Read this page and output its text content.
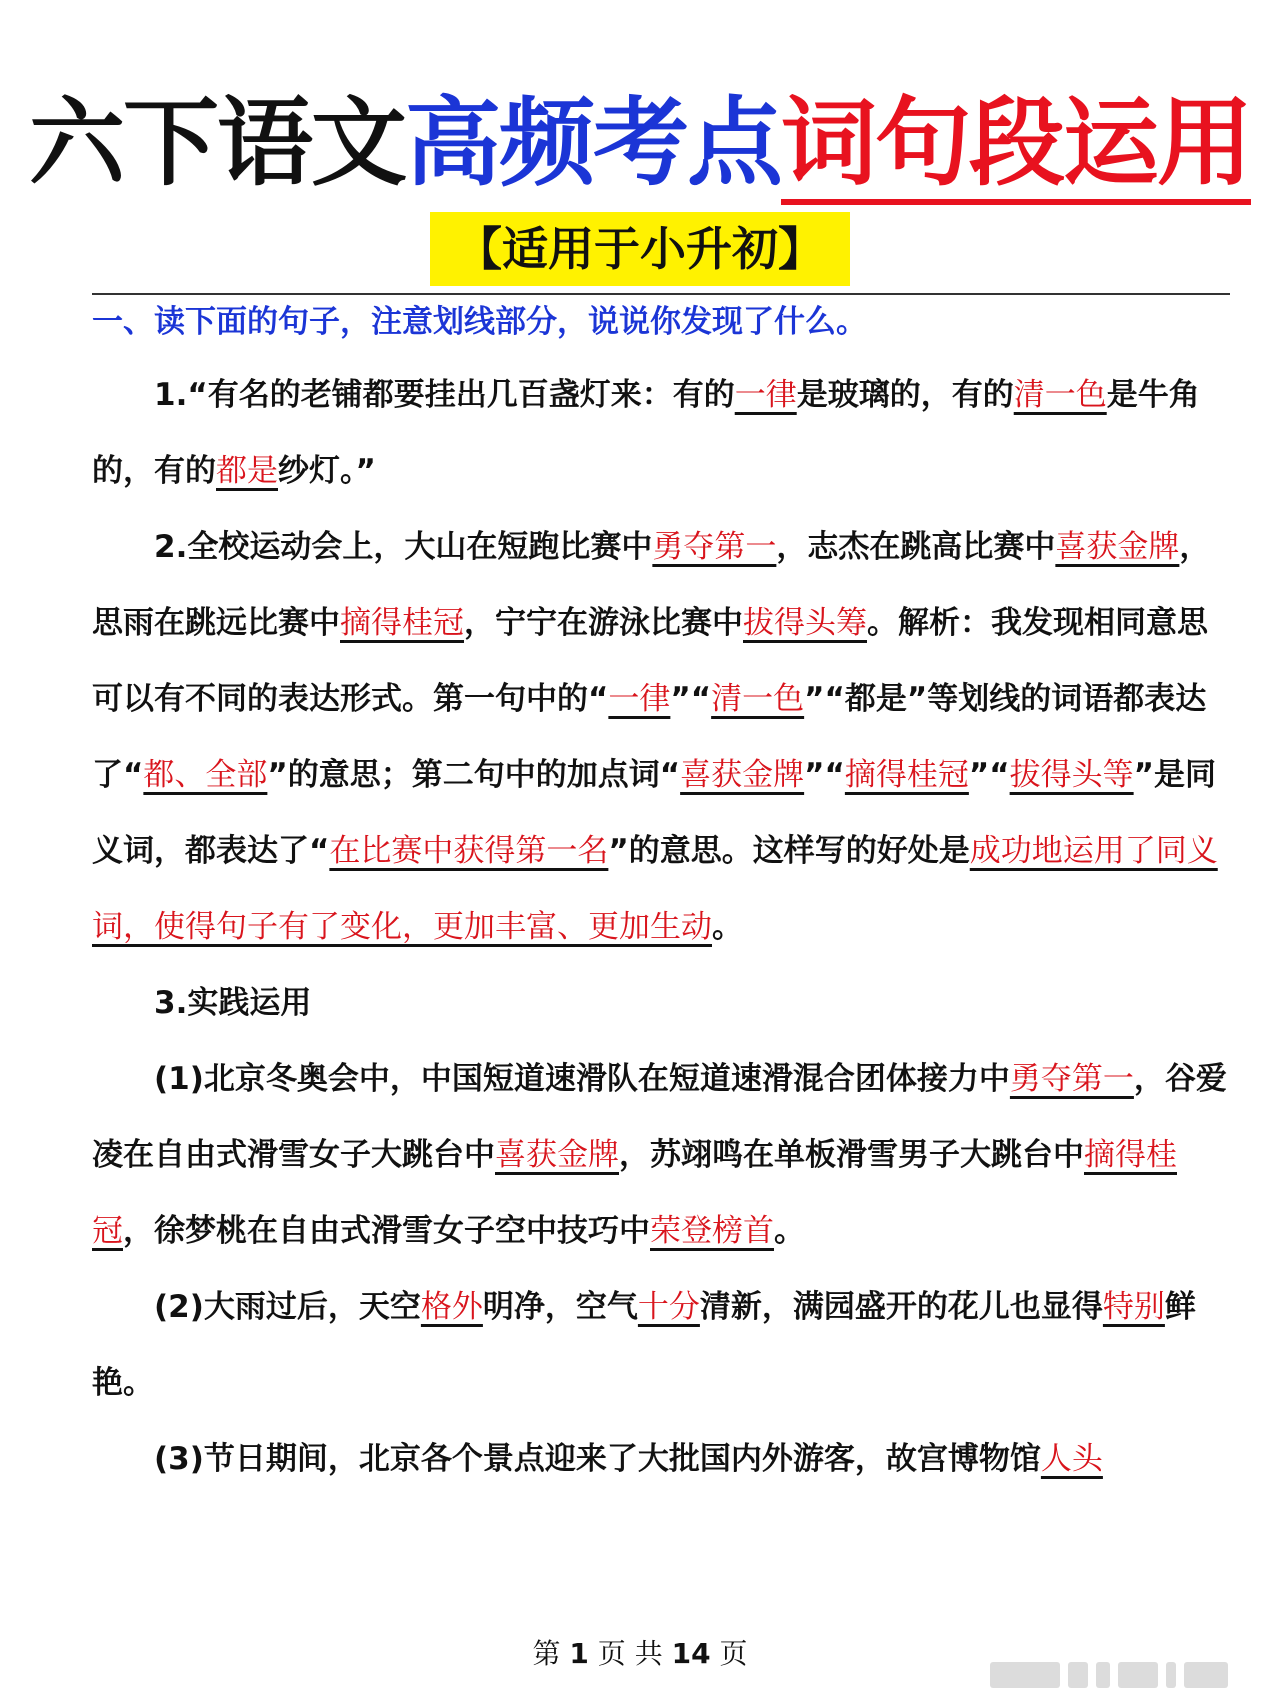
六下语文高频考点词句段运用
【适用于小升初】
一、读下面的句子，注意划线部分，说说你发现了什么。

1.“有名的老铺都要挂出几百盏灯来：有的一律是玻璃的，有的清一色是牛角的，有的都是纱灯。”

2.全校运动会上，大山在短跑比赛中勇夺第一，志杰在跳高比赛中喜获金牌，思雨在跳远比赛中摘得桂冠，宁宁在游泳比赛中拔得头筹。解析：我发现相同意思可以有不同的表达形式。第一句中的“一律”“清一色”“都是”等划线的词语都表达了“都、全部”的意思；第二句中的加点词“喜获金牌”“摘得桂冠”“拔得头等”是同义词，都表达了“在比赛中获得第一名”的意思。这样写的好处是成功地运用了同义词，使得句子有了变化，更加丰富、更加生动。

3.实践运用

(1)北京冬奥会中，中国短道速滑队在短道速滑混合团体接力中勇夺第一，谷爱凌在自由式滑雪女子大跳台中喜获金牌，苏翊鸣在单板滑雪男子大跳台中摘得桂冠，徐梦桃在自由式滑雪女子空中技巧中荣登榜首。

(2)大雨过后，天空格外明净，空气十分清新，满园盛开的花儿也显得特别鲜艳。

(3)节日期间，北京各个景点迎来了大批国内外游客，故宫博物馆人头

第 1 页 共 14 页
